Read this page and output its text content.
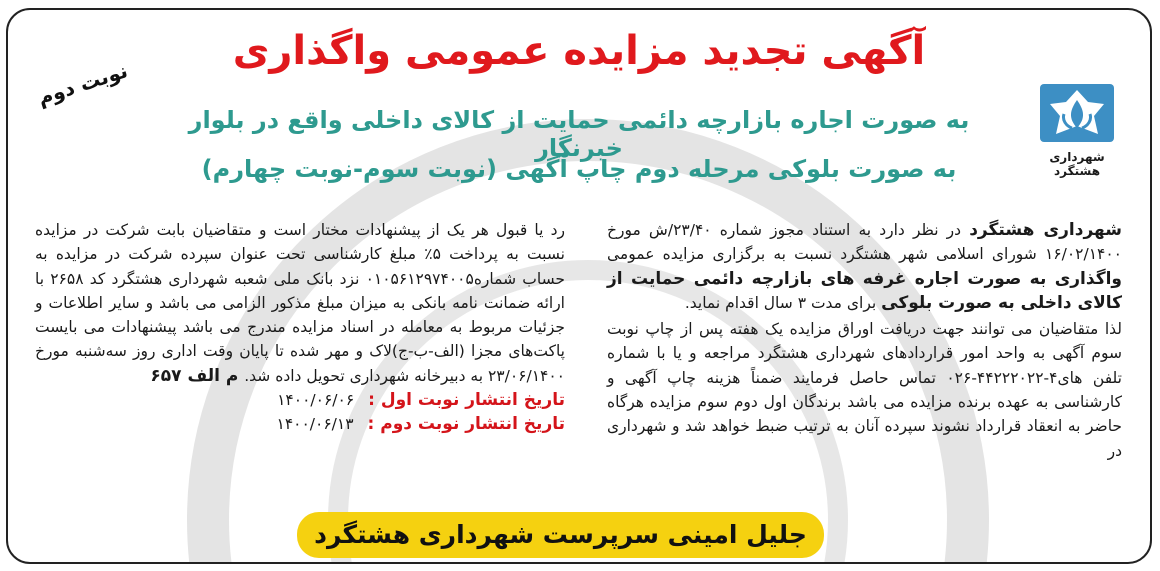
آگهی تجدید مزایده عمومی واگذاری
به صورت اجاره بازارچه دائمی حمایت از کالای داخلی واقع در بلوار خبرنگار
به صورت بلوکی مرحله دوم چاپ آگهی (نوبت سوم-نوبت چهارم)
نوبت دوم
شهرداری هشتگرد

شهرداری هشتگرد در نظر دارد به استناد مجوز شماره ۲۳/۴۰/ش مورخ ۱۶/۰۲/۱۴۰۰ شورای اسلامی شهر هشتگرد نسبت به برگزاری مزایده عمومی واگذاری به صورت اجاره غرفه های بازارچه دائمی حمایت از کالای داخلی به صورت بلوکی برای مدت ۳ سال اقدام نماید.

لذا متقاضیان می توانند جهت دریافت اوراق مزایده یک هفته پس از چاپ نوبت سوم آگهی به واحد امور قراردادهای شهرداری هشتگرد مراجعه و یا با شماره تلفن های۴-۴۴۲۲۲۰۲۲-۰۲۶ تماس حاصل فرمایند ضمناً هزینه چاپ آگهی و کارشناسی به عهده برنده مزایده می باشد برندگان اول دوم سوم مزایده هرگاه حاضر به انعقاد قرارداد نشوند سپرده آنان به ترتیب ضبط خواهد شد و شهرداری در

رد یا قبول هر یک از پیشنهادات مختار است و متقاضیان بابت شرکت در مزایده نسبت به پرداخت ۵٪ مبلغ کارشناسی تحت عنوان سپرده شرکت در مزایده به حساب شماره۰۱۰۵۶۱۲۹۷۴۰۰۵ نزد بانک ملی شعبه شهرداری هشتگرد کد ۲۶۵۸ با ارائه ضمانت نامه بانکی به میزان مبلغ مذکور الزامی می باشد و سایر اطلاعات و جزئیات مربوط به معامله در اسناد مزایده مندرج می باشد پیشنهادات می بایست پاکت‌های مجزا (الف-ب-ج)لاک و مهر شده تا پایان وقت اداری روز سه‌شنبه مورخ ۲۳/۰۶/۱۴۰۰ به دبیرخانه شهرداری تحویل داده شد. م الف ۶۵۷

تاریخ انتشار نوبت اول :
۱۴۰۰/۰۶/۰۶
تاریخ انتشار نوبت دوم :
۱۴۰۰/۰۶/۱۳
جلیل امینی سرپرست شهرداری هشتگرد
